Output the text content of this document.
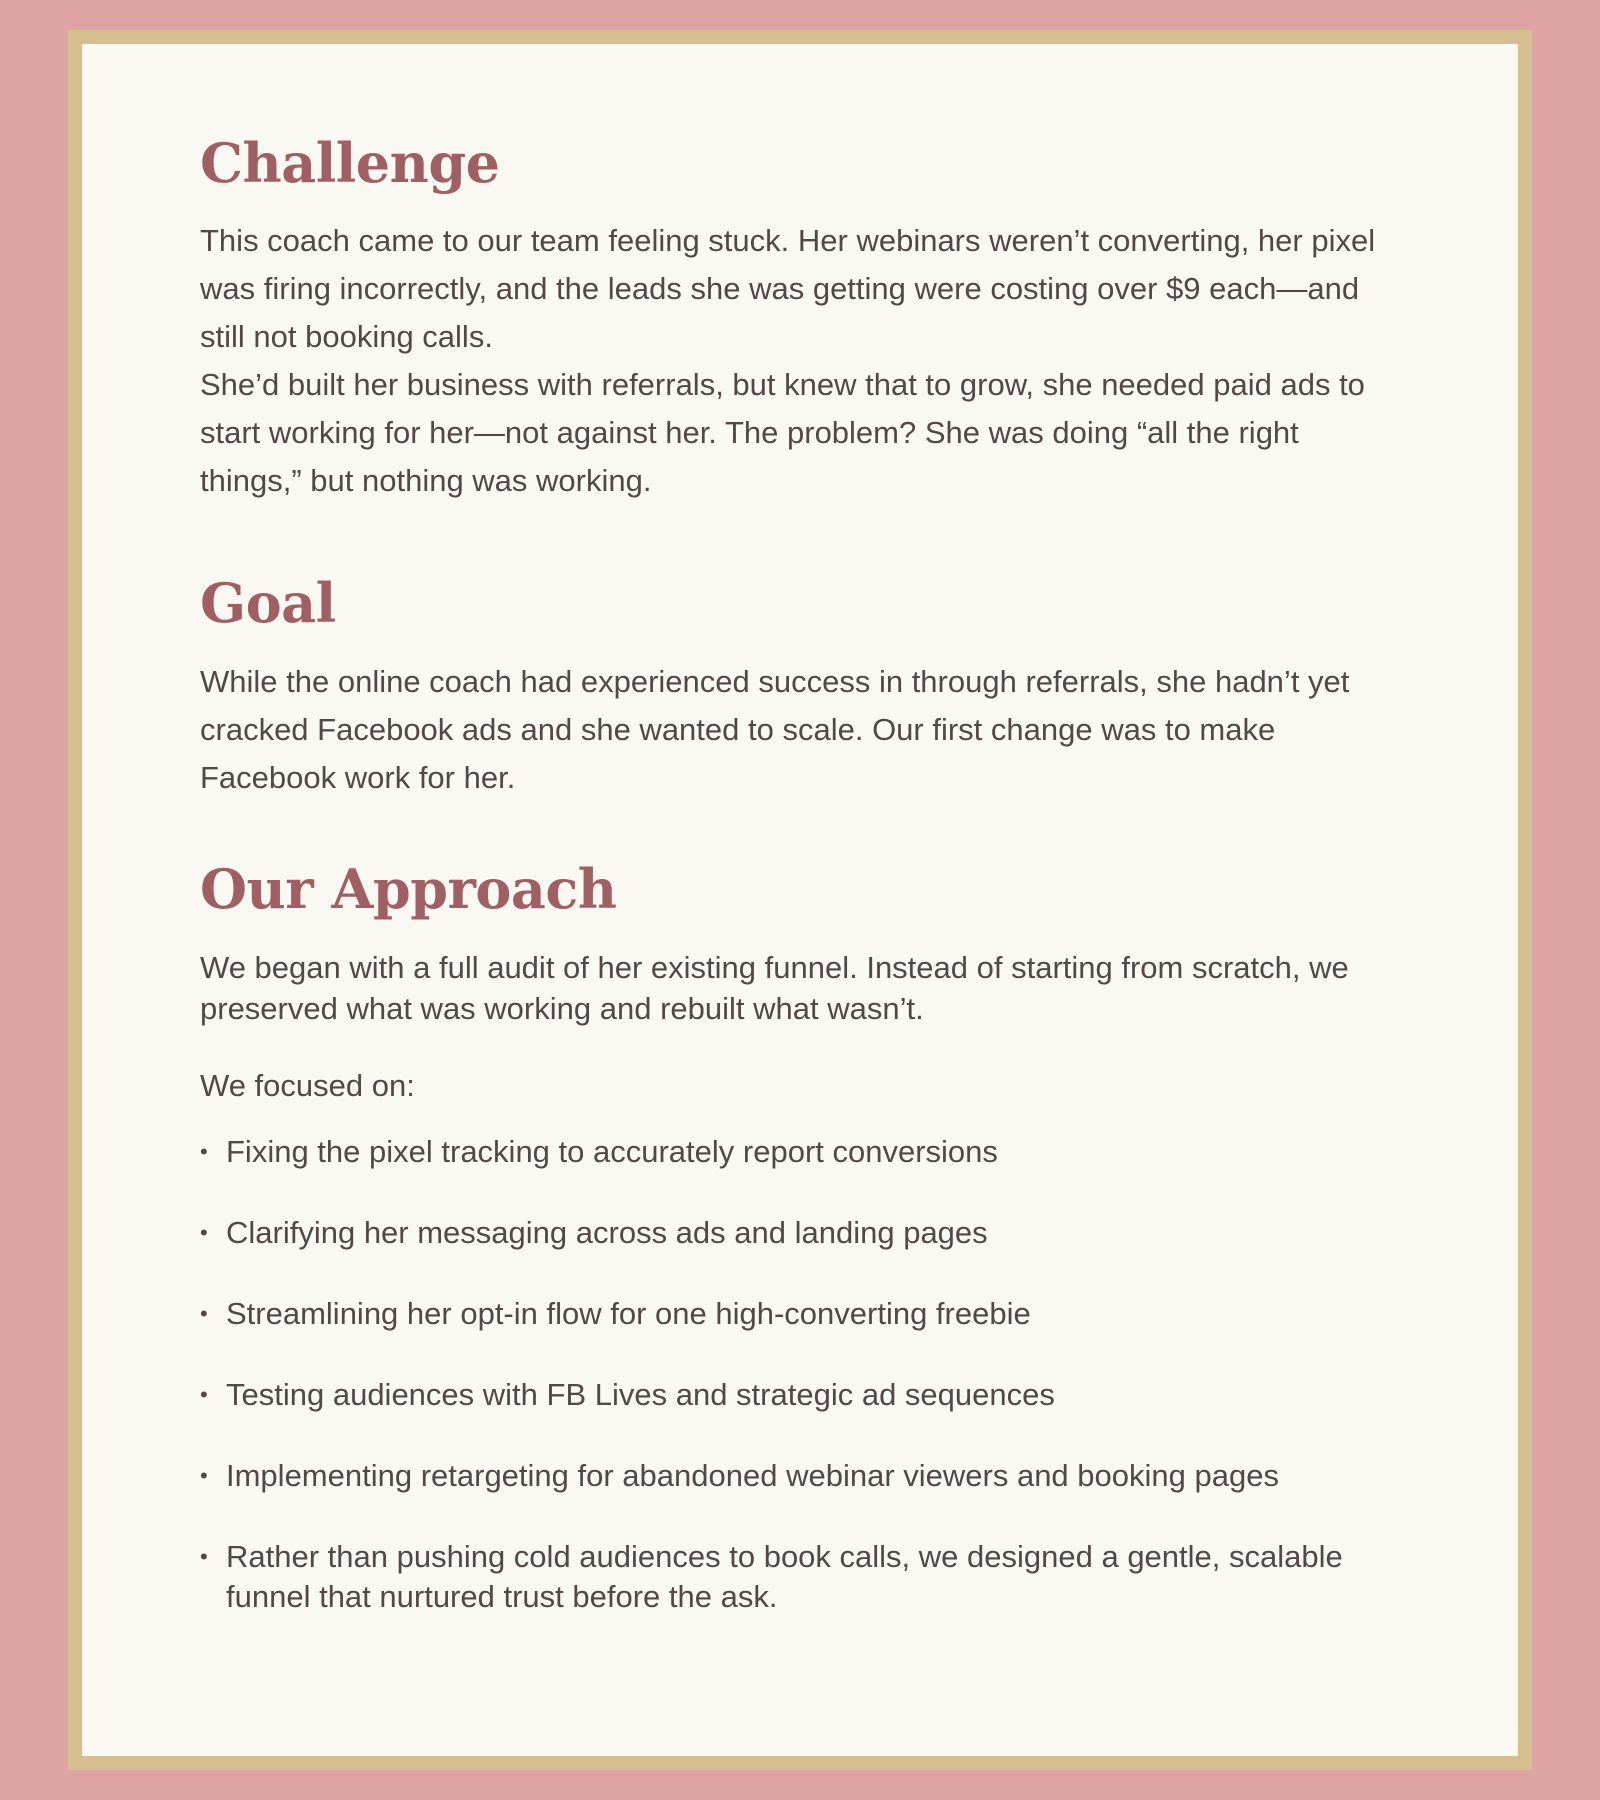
Challenge

This coach came to our team feeling stuck. Her webinars weren’t converting, her pixel was firing incorrectly, and the leads she was getting were costing over $9 each—and still not booking calls.

She’d built her business with referrals, but knew that to grow, she needed paid ads to start working for her—not against her. The problem? She was doing “all the right things,” but nothing was working.

Goal

While the online coach had experienced success in through referrals, she hadn’t yet cracked Facebook ads and she wanted to scale. Our first change was to make Facebook work for her.

Our Approach

We began with a full audit of her existing funnel. Instead of starting from scratch, we preserved what was working and rebuilt what wasn’t.

We focused on:

• Fixing the pixel tracking to accurately report conversions
• Clarifying her messaging across ads and landing pages
• Streamlining her opt-in flow for one high-converting freebie
• Testing audiences with FB Lives and strategic ad sequences
• Implementing retargeting for abandoned webinar viewers and booking pages
• Rather than pushing cold audiences to book calls, we designed a gentle, scalable funnel that nurtured trust before the ask.
